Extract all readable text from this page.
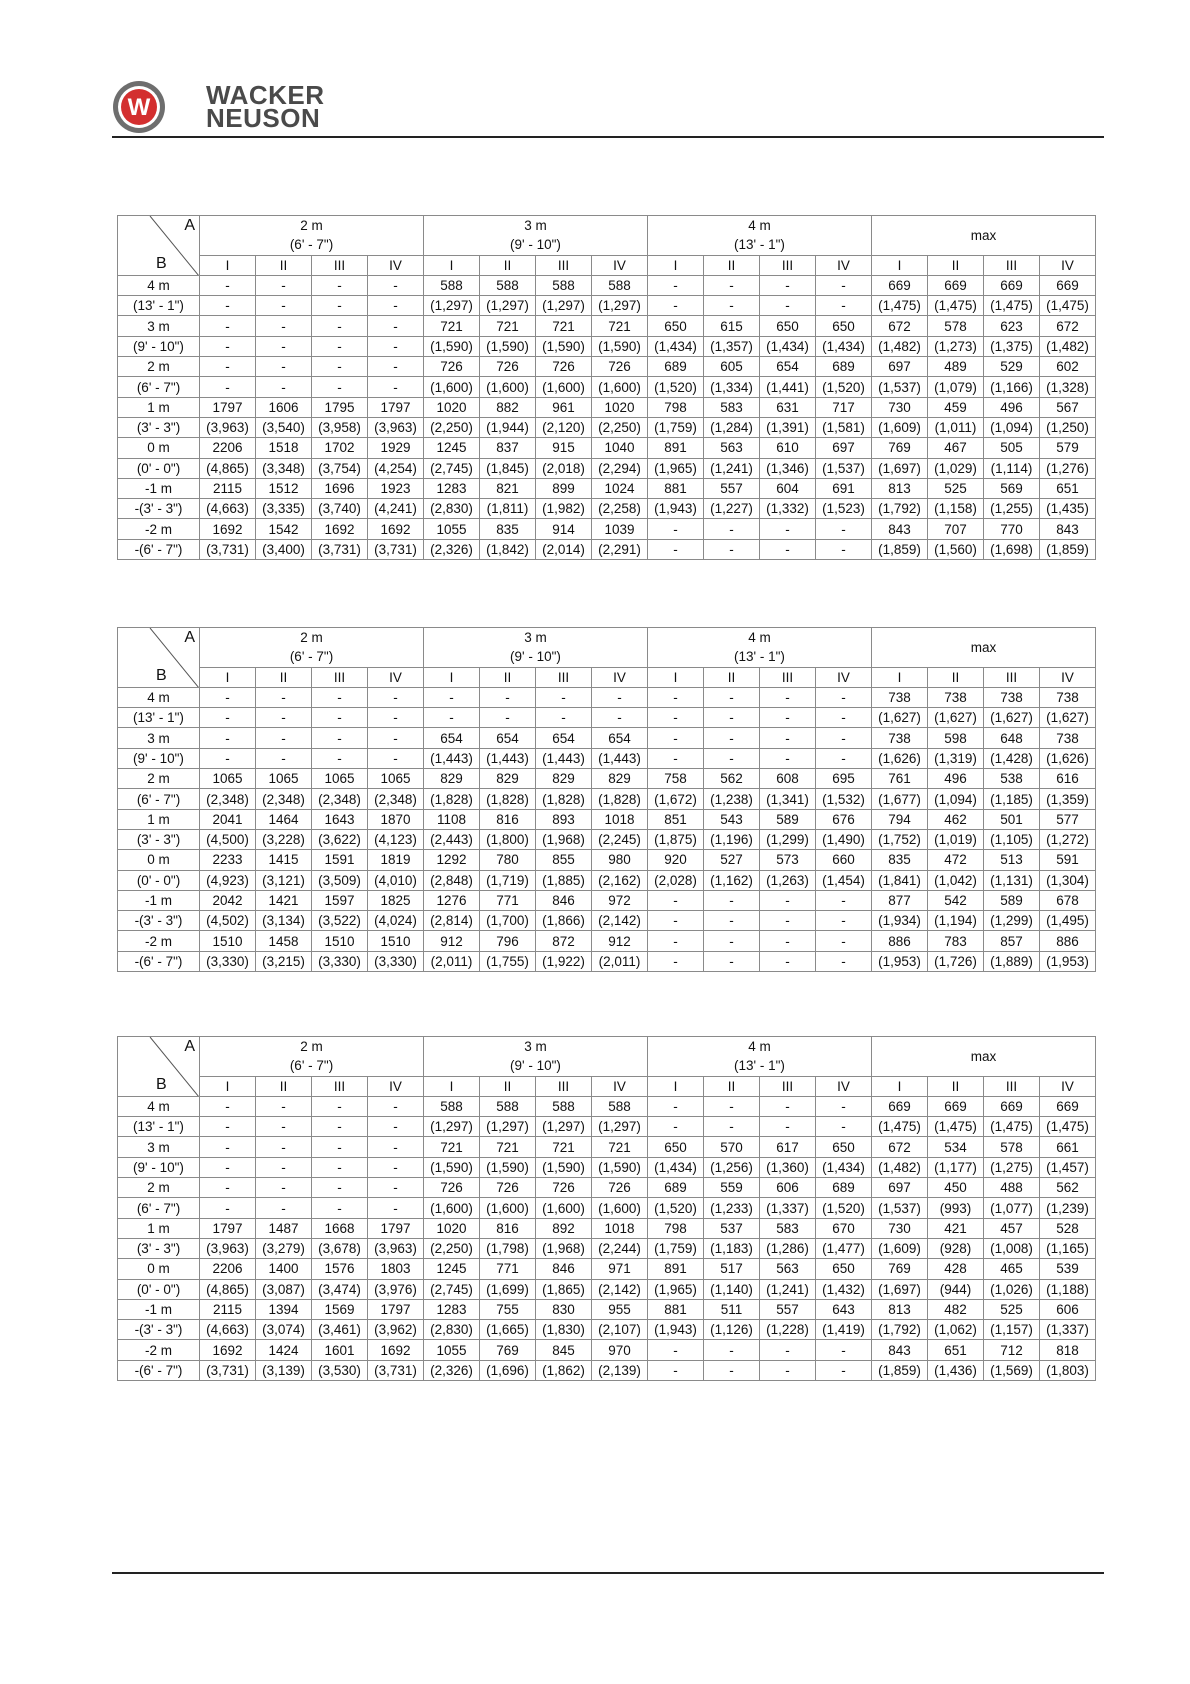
W WACKER
NEUSON
A
B	2 m				3 m				4 m				max			
	(6' - 7")				(9' - 10")				(13' - 1")							
	I	II	III	IV	I	II	III	IV	I	II	III	IV	I	II	III	IV
4 m	-	-	-	-	588	588	588	588	-	-	-	-	669	669	669	669
(13' - 1")	-	-	-	-	(1,297)	(1,297)	(1,297)	(1,297)	-	-	-	-	(1,475)	(1,475)	(1,475)	(1,475)
3 m	-	-	-	-	721	721	721	721	650	615	650	650	672	578	623	672
(9' - 10")	-	-	-	-	(1,590)	(1,590)	(1,590)	(1,590)	(1,434)	(1,357)	(1,434)	(1,434)	(1,482)	(1,273)	(1,375)	(1,482)
2 m	-	-	-	-	726	726	726	726	689	605	654	689	697	489	529	602
(6' - 7")	-	-	-	-	(1,600)	(1,600)	(1,600)	(1,600)	(1,520)	(1,334)	(1,441)	(1,520)	(1,537)	(1,079)	(1,166)	(1,328)
1 m	1797	1606	1795	1797	1020	882	961	1020	798	583	631	717	730	459	496	567
(3' - 3")	(3,963)	(3,540)	(3,958)	(3,963)	(2,250)	(1,944)	(2,120)	(2,250)	(1,759)	(1,284)	(1,391)	(1,581)	(1,609)	(1,011)	(1,094)	(1,250)
0 m	2206	1518	1702	1929	1245	837	915	1040	891	563	610	697	769	467	505	579
(0' - 0")	(4,865)	(3,348)	(3,754)	(4,254)	(2,745)	(1,845)	(2,018)	(2,294)	(1,965)	(1,241)	(1,346)	(1,537)	(1,697)	(1,029)	(1,114)	(1,276)
-1 m	2115	1512	1696	1923	1283	821	899	1024	881	557	604	691	813	525	569	651
-(3' - 3")	(4,663)	(3,335)	(3,740)	(4,241)	(2,830)	(1,811)	(1,982)	(2,258)	(1,943)	(1,227)	(1,332)	(1,523)	(1,792)	(1,158)	(1,255)	(1,435)
-2 m	1692	1542	1692	1692	1055	835	914	1039	-	-	-	-	843	707	770	843
-(6' - 7")	(3,731)	(3,400)	(3,731)	(3,731)	(2,326)	(1,842)	(2,014)	(2,291)	-	-	-	-	(1,859)	(1,560)	(1,698)	(1,859)
A
B	2 m				3 m				4 m				max			
	(6' - 7")				(9' - 10")				(13' - 1")							
	I	II	III	IV	I	II	III	IV	I	II	III	IV	I	II	III	IV
4 m	-	-	-	-	-	-	-	-	-	-	-	-	738	738	738	738
(13' - 1")	-	-	-	-	-	-	-	-	-	-	-	-	(1,627)	(1,627)	(1,627)	(1,627)
3 m	-	-	-	-	654	654	654	654	-	-	-	-	738	598	648	738
(9' - 10")	-	-	-	-	(1,443)	(1,443)	(1,443)	(1,443)	-	-	-	-	(1,626)	(1,319)	(1,428)	(1,626)
2 m	1065	1065	1065	1065	829	829	829	829	758	562	608	695	761	496	538	616
(6' - 7")	(2,348)	(2,348)	(2,348)	(2,348)	(1,828)	(1,828)	(1,828)	(1,828)	(1,672)	(1,238)	(1,341)	(1,532)	(1,677)	(1,094)	(1,185)	(1,359)
1 m	2041	1464	1643	1870	1108	816	893	1018	851	543	589	676	794	462	501	577
(3' - 3")	(4,500)	(3,228)	(3,622)	(4,123)	(2,443)	(1,800)	(1,968)	(2,245)	(1,875)	(1,196)	(1,299)	(1,490)	(1,752)	(1,019)	(1,105)	(1,272)
0 m	2233	1415	1591	1819	1292	780	855	980	920	527	573	660	835	472	513	591
(0' - 0")	(4,923)	(3,121)	(3,509)	(4,010)	(2,848)	(1,719)	(1,885)	(2,162)	(2,028)	(1,162)	(1,263)	(1,454)	(1,841)	(1,042)	(1,131)	(1,304)
-1 m	2042	1421	1597	1825	1276	771	846	972	-	-	-	-	877	542	589	678
-(3' - 3")	(4,502)	(3,134)	(3,522)	(4,024)	(2,814)	(1,700)	(1,866)	(2,142)	-	-	-	-	(1,934)	(1,194)	(1,299)	(1,495)
-2 m	1510	1458	1510	1510	912	796	872	912	-	-	-	-	886	783	857	886
-(6' - 7")	(3,330)	(3,215)	(3,330)	(3,330)	(2,011)	(1,755)	(1,922)	(2,011)	-	-	-	-	(1,953)	(1,726)	(1,889)	(1,953)
A
B	2 m				3 m				4 m				max			
	(6' - 7")				(9' - 10")				(13' - 1")							
	I	II	III	IV	I	II	III	IV	I	II	III	IV	I	II	III	IV
4 m	-	-	-	-	588	588	588	588	-	-	-	-	669	669	669	669
(13' - 1")	-	-	-	-	(1,297)	(1,297)	(1,297)	(1,297)	-	-	-	-	(1,475)	(1,475)	(1,475)	(1,475)
3 m	-	-	-	-	721	721	721	721	650	570	617	650	672	534	578	661
(9' - 10")	-	-	-	-	(1,590)	(1,590)	(1,590)	(1,590)	(1,434)	(1,256)	(1,360)	(1,434)	(1,482)	(1,177)	(1,275)	(1,457)
2 m	-	-	-	-	726	726	726	726	689	559	606	689	697	450	488	562
(6' - 7")	-	-	-	-	(1,600)	(1,600)	(1,600)	(1,600)	(1,520)	(1,233)	(1,337)	(1,520)	(1,537)	(993)	(1,077)	(1,239)
1 m	1797	1487	1668	1797	1020	816	892	1018	798	537	583	670	730	421	457	528
(3' - 3")	(3,963)	(3,279)	(3,678)	(3,963)	(2,250)	(1,798)	(1,968)	(2,244)	(1,759)	(1,183)	(1,286)	(1,477)	(1,609)	(928)	(1,008)	(1,165)
0 m	2206	1400	1576	1803	1245	771	846	971	891	517	563	650	769	428	465	539
(0' - 0")	(4,865)	(3,087)	(3,474)	(3,976)	(2,745)	(1,699)	(1,865)	(2,142)	(1,965)	(1,140)	(1,241)	(1,432)	(1,697)	(944)	(1,026)	(1,188)
-1 m	2115	1394	1569	1797	1283	755	830	955	881	511	557	643	813	482	525	606
-(3' - 3")	(4,663)	(3,074)	(3,461)	(3,962)	(2,830)	(1,665)	(1,830)	(2,107)	(1,943)	(1,126)	(1,228)	(1,419)	(1,792)	(1,062)	(1,157)	(1,337)
-2 m	1692	1424	1601	1692	1055	769	845	970	-	-	-	-	843	651	712	818
-(6' - 7")	(3,731)	(3,139)	(3,530)	(3,731)	(2,326)	(1,696)	(1,862)	(2,139)	-	-	-	-	(1,859)	(1,436)	(1,569)	(1,803)
